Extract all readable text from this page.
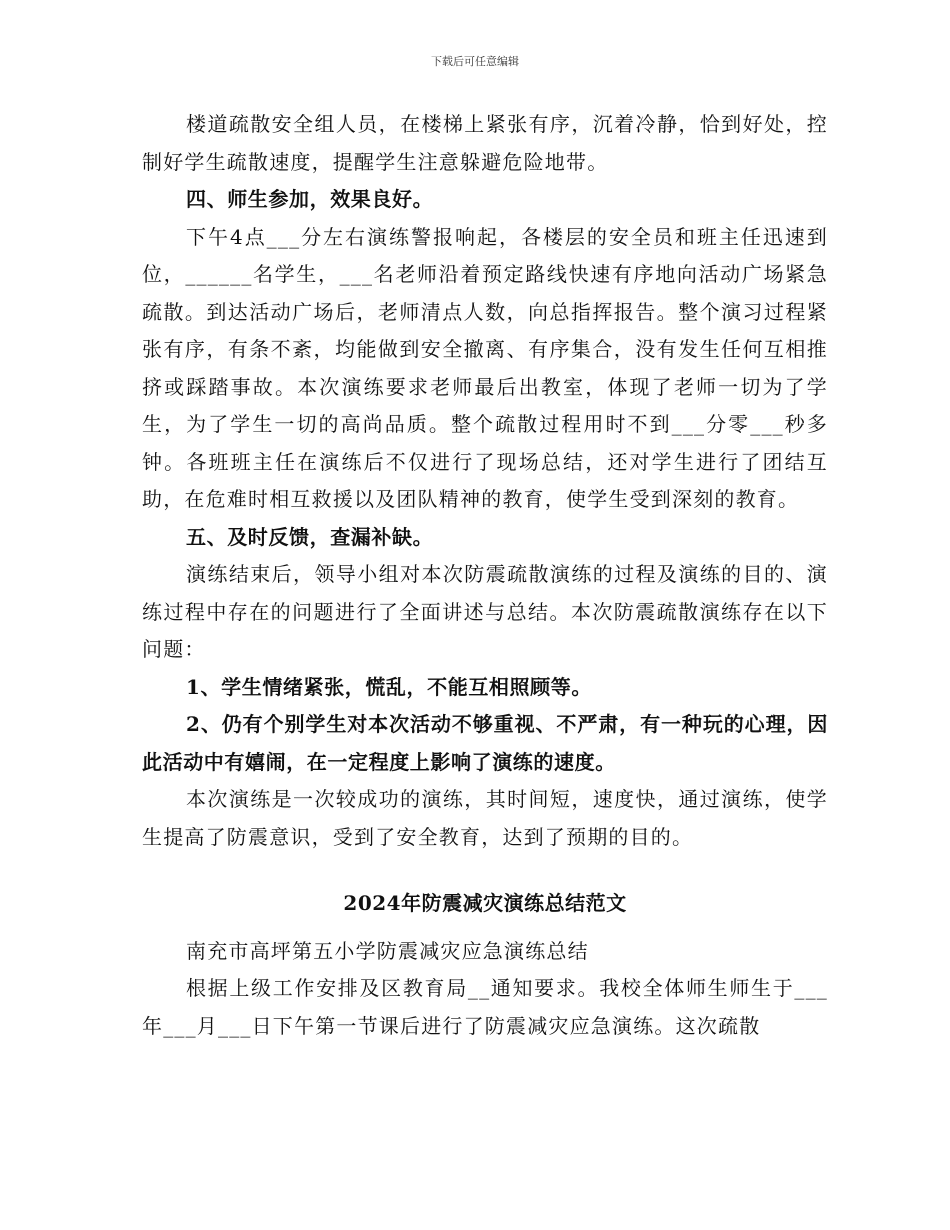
下载后可任意编辑

楼道疏散安全组人员，在楼梯上紧张有序，沉着冷静，恰到好处，控制好学生疏散速度，提醒学生注意躲避危险地带。

四、师生参加，效果良好。

下午4点___分左右演练警报响起，各楼层的安全员和班主任迅速到位，______名学生，___名老师沿着预定路线快速有序地向活动广场紧急疏散。到达活动广场后，老师清点人数，向总指挥报告。整个演习过程紧张有序，有条不紊，均能做到安全撤离、有序集合，没有发生任何互相推挤或踩踏事故。本次演练要求老师最后出教室，体现了老师一切为了学生，为了学生一切的高尚品质。整个疏散过程用时不到___分零___秒多钟。各班班主任在演练后不仅进行了现场总结，还对学生进行了团结互助，在危难时相互救援以及团队精神的教育，使学生受到深刻的教育。

五、及时反馈，查漏补缺。

演练结束后，领导小组对本次防震疏散演练的过程及演练的目的、演练过程中存在的问题进行了全面讲述与总结。本次防震疏散演练存在以下问题：

1、学生情绪紧张，慌乱，不能互相照顾等。

2、仍有个别学生对本次活动不够重视、不严肃，有一种玩的心理，因此活动中有嬉闹，在一定程度上影响了演练的速度。

本次演练是一次较成功的演练，其时间短，速度快，通过演练，使学生提高了防震意识，受到了安全教育，达到了预期的目的。

2024年防震减灾演练总结范文

南充市高坪第五小学防震减灾应急演练总结

根据上级工作安排及区教育局__通知要求。我校全体师生师生于___年___月___日下午第一节课后进行了防震减灾应急演练。这次疏散
